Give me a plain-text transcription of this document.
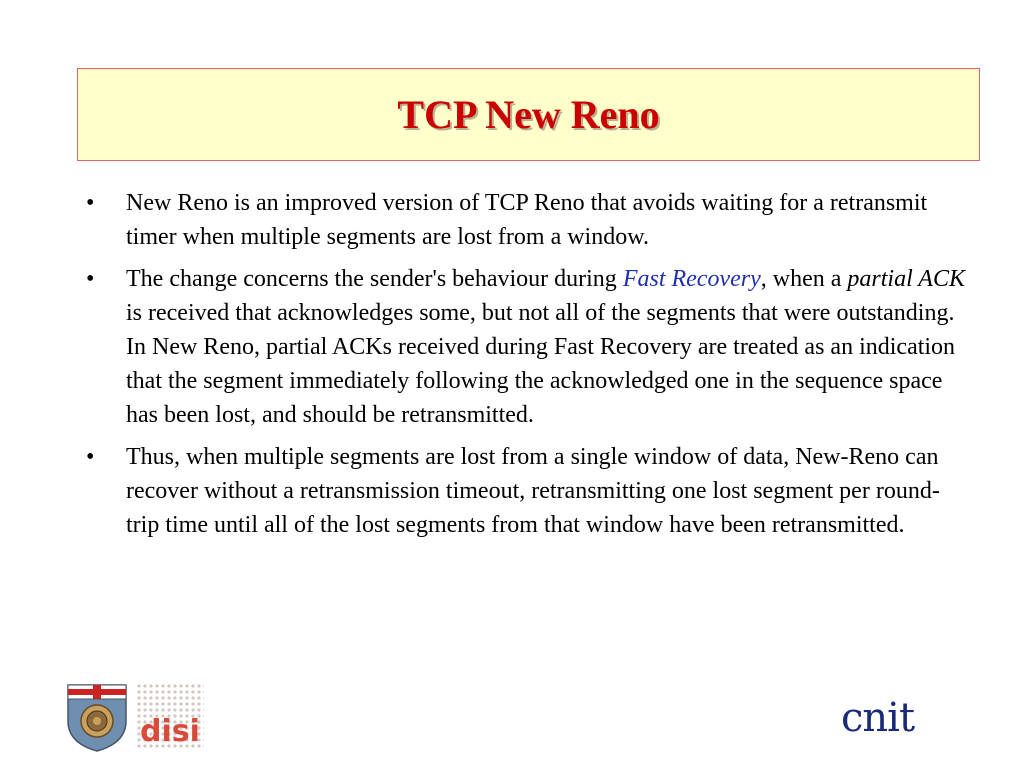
TCP New Reno
•	New Reno is an improved version of TCP Reno that avoids waiting for a retransmit timer when multiple segments are lost from a window.
•	The change concerns the sender's behaviour during Fast Recovery, when a partial ACK is received that acknowledges some, but not all of the segments that were outstanding. In New Reno, partial ACKs received during Fast Recovery are treated as an indication that the segment immediately following the acknowledged one in the sequence space has been lost, and should be retransmitted.
•	Thus, when multiple segments are lost from a single window of data, New-Reno can recover without a retransmission timeout, retransmitting one lost segment per round-trip time until all of the lost segments from that window have been retransmitted.
disi	cnit
